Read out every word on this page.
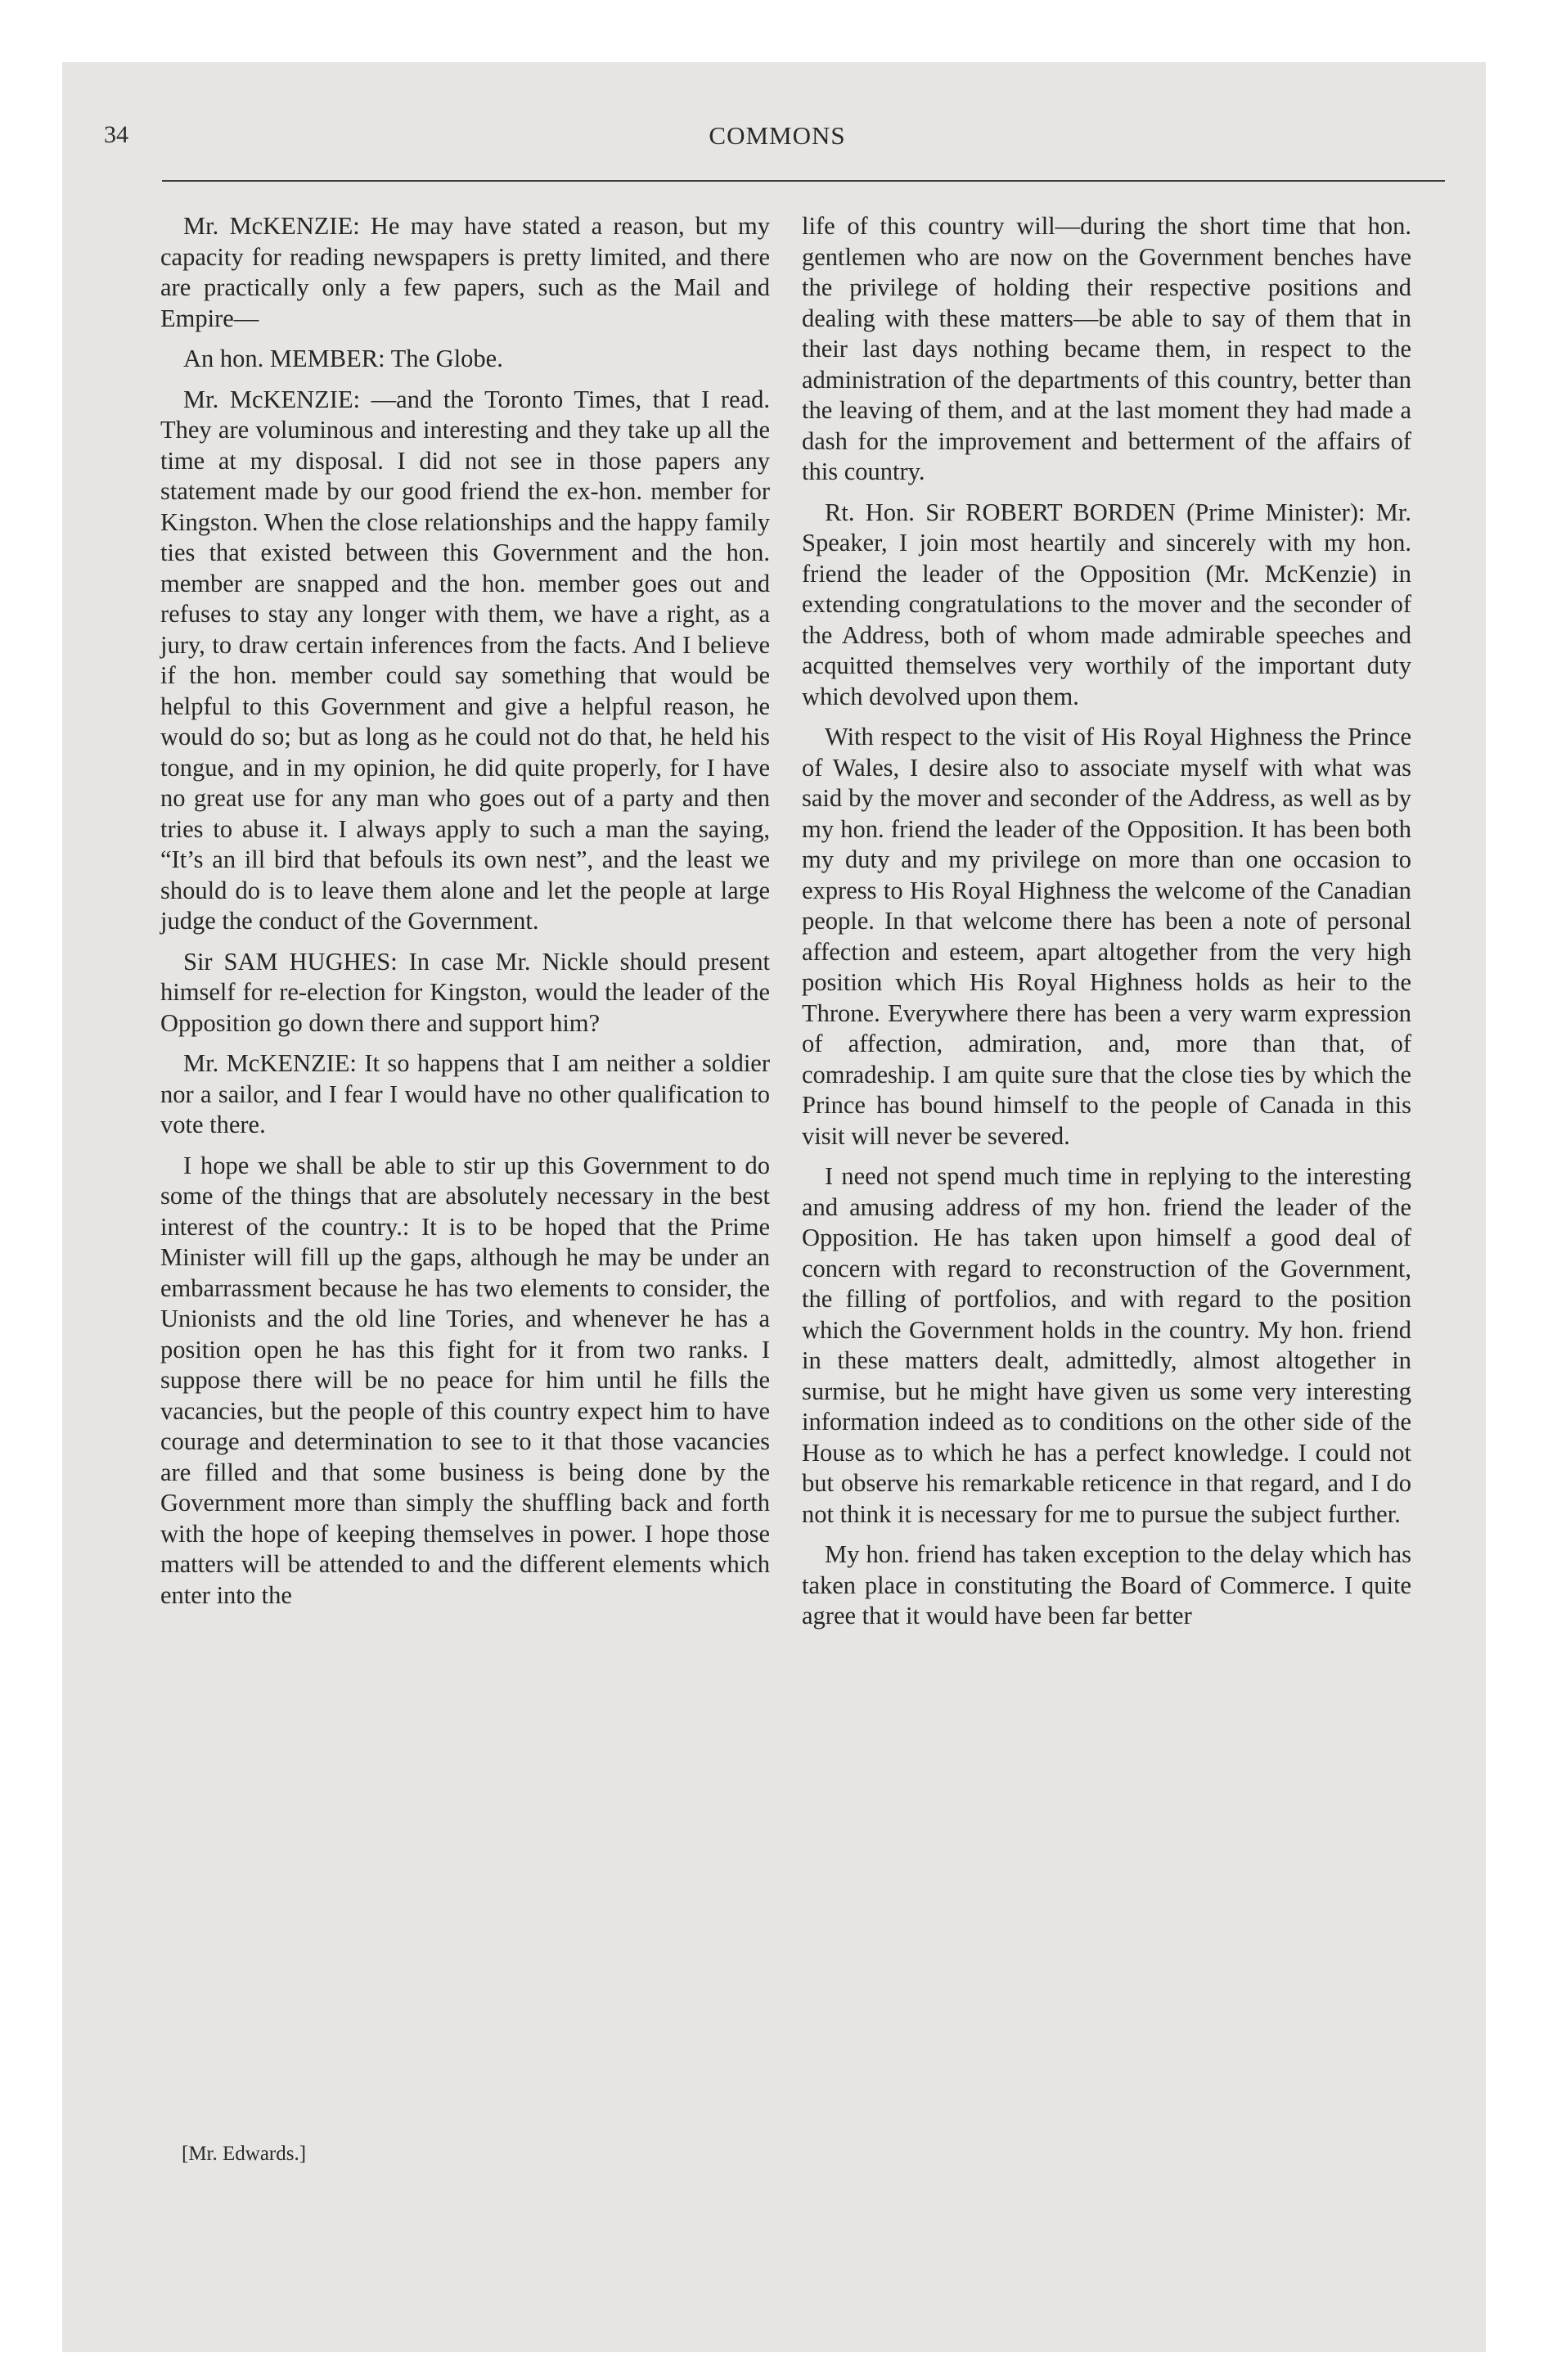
34	COMMONS

Mr. McKENZIE: He may have stated a reason, but my capacity for reading newspapers is pretty limited, and there are practically only a few papers, such as the Mail and Empire—

An hon. MEMBER: The Globe.

Mr. McKENZIE: —and the Toronto Times, that I read. They are voluminous and interesting and they take up all the time at my disposal. I did not see in those papers any statement made by our good friend the ex-hon. member for Kingston. When the close relationships and the happy family ties that existed between this Government and the hon. member are snapped and the hon. member goes out and refuses to stay any longer with them, we have a right, as a jury, to draw certain inferences from the facts. And I believe if the hon. member could say something that would be helpful to this Government and give a helpful reason, he would do so; but as long as he could not do that, he held his tongue, and in my opinion, he did quite properly, for I have no great use for any man who goes out of a party and then tries to abuse it. I always apply to such a man the saying, “It’s an ill bird that befouls its own nest”, and the least we should do is to leave them alone and let the people at large judge the conduct of the Government.

Sir SAM HUGHES: In case Mr. Nickle should present himself for re-election for Kingston, would the leader of the Opposition go down there and support him?

Mr. McKENZIE: It so happens that I am neither a soldier nor a sailor, and I fear I would have no other qualification to vote there.

I hope we shall be able to stir up this Government to do some of the things that are absolutely necessary in the best interest of the country.: It is to be hoped that the Prime Minister will fill up the gaps, although he may be under an embarrassment because he has two elements to consider, the Unionists and the old line Tories, and whenever he has a position open he has this fight for it from two ranks. I suppose there will be no peace for him until he fills the vacancies, but the people of this country expect him to have courage and determination to see to it that those vacancies are filled and that some business is being done by the Government more than simply the shuffling back and forth with the hope of keeping themselves in power. I hope those matters will be attended to and the different elements which enter into the

life of this country will—during the short time that hon. gentlemen who are now on the Government benches have the privilege of holding their respective positions and dealing with these matters—be able to say of them that in their last days nothing became them, in respect to the administration of the departments of this country, better than the leaving of them, and at the last moment they had made a dash for the improvement and betterment of the affairs of this country.

Rt. Hon. Sir ROBERT BORDEN (Prime Minister): Mr. Speaker, I join most heartily and sincerely with my hon. friend the leader of the Opposition (Mr. McKenzie) in extending congratulations to the mover and the seconder of the Address, both of whom made admirable speeches and acquitted themselves very worthily of the important duty which devolved upon them.

With respect to the visit of His Royal Highness the Prince of Wales, I desire also to associate myself with what was said by the mover and seconder of the Address, as well as by my hon. friend the leader of the Opposition. It has been both my duty and my privilege on more than one occasion to express to His Royal Highness the welcome of the Canadian people. In that welcome there has been a note of personal affection and esteem, apart altogether from the very high position which His Royal Highness holds as heir to the Throne. Everywhere there has been a very warm expression of affection, admiration, and, more than that, of comradeship. I am quite sure that the close ties by which the Prince has bound himself to the people of Canada in this visit will never be severed.

I need not spend much time in replying to the interesting and amusing address of my hon. friend the leader of the Opposition. He has taken upon himself a good deal of concern with regard to reconstruction of the Government, the filling of portfolios, and with regard to the position which the Government holds in the country. My hon. friend in these matters dealt, admittedly, almost altogether in surmise, but he might have given us some very interesting information indeed as to conditions on the other side of the House as to which he has a perfect knowledge. I could not but observe his remarkable reticence in that regard, and I do not think it is necessary for me to pursue the subject further.

My hon. friend has taken exception to the delay which has taken place in constituting the Board of Commerce. I quite agree that it would have been far better

[Mr. Edwards.]
